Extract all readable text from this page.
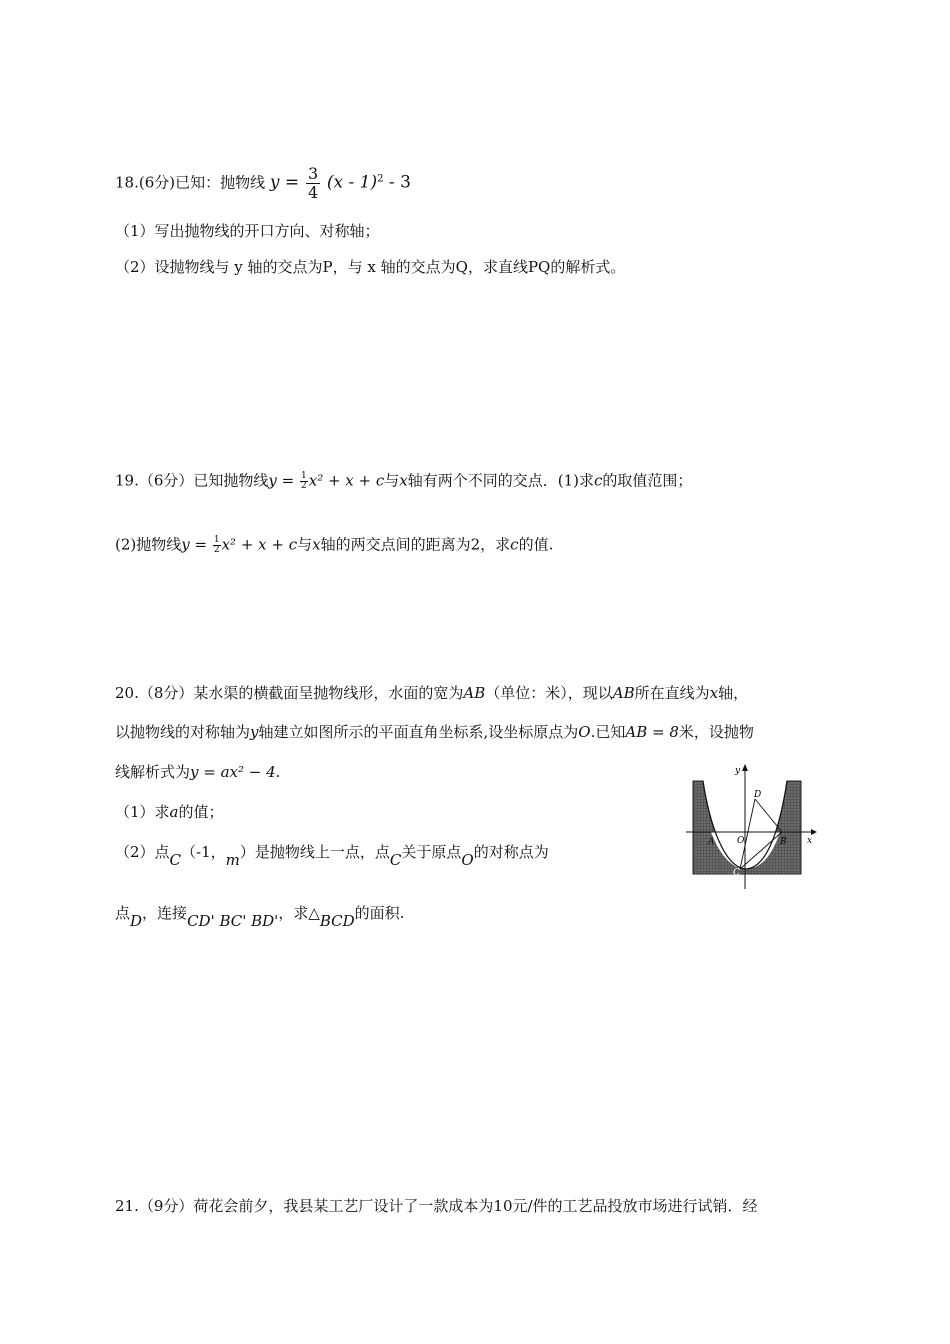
18.(6分)已知：抛物线 $y = \frac{3}{4} (x - 1)^2 - 3$
（1）写出抛物线的开口方向、对称轴；
（2）设抛物线与 y 轴的交点为P，与 x 轴的交点为Q，求直线PQ的解析式。
19.（6分）已知抛物线$y = \frac{1}{2} x^2 + x + c$与x轴有两个不同的交点．(1)求c的取值范围；
(2)抛物线$y = \frac{1}{2} x^2 + x + c$与x轴的两交点间的距离为2，求c的值.
20.（8分）某水渠的横截面呈抛物线形，水面的宽为AB（单位：米），现以AB所在直线为x轴，
以抛物线的对称轴为y轴建立如图所示的平面直角坐标系,设坐标原点为O.已知AB = 8米，设抛物
线解析式为y = ax² − 4.
（1）求a的值；
（2）点C（-1，m）是抛物线上一点，点C关于原点O的对称点为
点D，连接CD' BC' BD'，求△BCD的面积.
y
x
D
A	O	B
C
21.（9分）荷花会前夕，我县某工艺厂设计了一款成本为10元/件的工艺品投放市场进行试销．经
